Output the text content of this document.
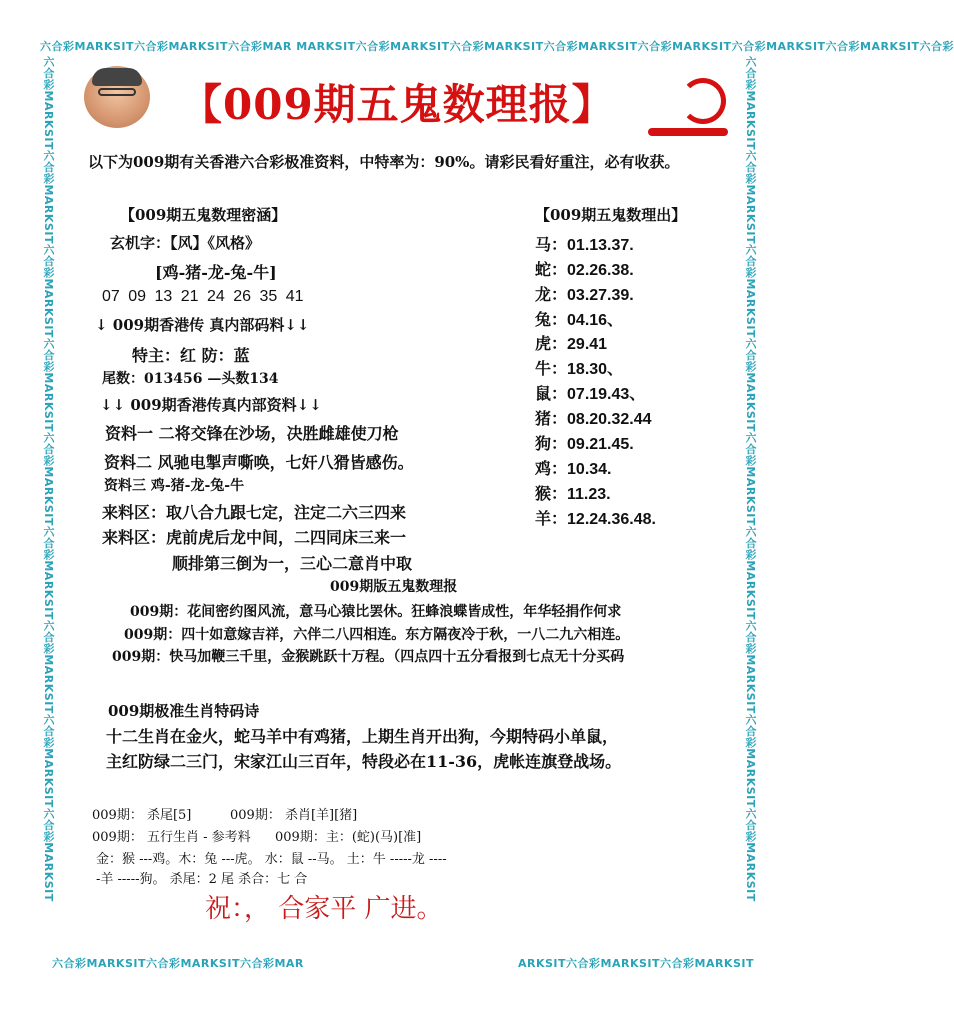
六合彩MARKSIT六合彩MARKSIT六合彩MAR MARKSIT六合彩MARKSIT六合彩MARKSIT六合彩MARKSIT六合彩MARKSIT六合彩MARKSIT六合彩MARKSIT六合彩
六合彩MARKSIT六合彩MARKSIT六合彩MAR	ARKSIT六合彩MARKSIT六合彩MARKSIT
六合彩MARKSIT六合彩MARKSIT六合彩MARKSIT六合彩MARKSIT六合彩MARKSIT六合彩MARKSIT六合彩MARKSIT六合彩MARKSIT六合彩MARKSIT	六合彩MARKSIT六合彩MARKSIT六合彩MARKSIT六合彩MARKSIT六合彩MARKSIT六合彩MARKSIT六合彩MARKSIT六合彩MARKSIT六合彩MARKSIT
【009期五鬼数理报】
以下为009期有关香港六合彩极准资料，中特率为：90%。请彩民看好重注，必有收获。
【009期五鬼数理密涵】
玄机字：【风】《风格》
[鸡-猪-龙-兔-牛]
07 09 13 21 24 26 35 41
↓ 009期香港传 真内部码料↓↓
特主：红 防：蓝
尾数：013456 —头数134
↓↓ 009期香港传真内部资料↓↓
资料一 二将交锋在沙场，决胜雌雄使刀枪
资料二 风驰电掣声嘶唤，七奸八猾皆感伤。
资料三 鸡-猪-龙-兔-牛
来料区：取八合九跟七定，注定二六三四来
来料区：虎前虎后龙中间，二四同床三来一
顺排第三倒为一，三心二意肖中取
【009期五鬼数理出】
马：01.13.37.
蛇：02.26.38.
龙：03.27.39.
兔：04.16、
虎：29.41
牛：18.30、
鼠：07.19.43、
猪：08.20.32.44
狗：09.21.45.
鸡：10.34.
猴：11.23.
羊：12.24.36.48.
009期版五鬼数理报
009期：花间密约图风流，意马心猿比罢休。狂蜂浪蝶皆成性，年华轻捐作何求
009期：四十如意嫁吉祥，六伴二八四相连。东方隔夜冷于秋，一八二九六相连。
009期：快马加鞭三千里，金猴跳跃十万程。（四点四十五分看报到七点无十分买码
009期极准生肖特码诗
十二生肖在金火，蛇马羊中有鸡猪，上期生肖开出狗，今期特码小单鼠，
主红防绿二三门，宋家江山三百年，特段必在11-36，虎帐连旗登战场。
009期： 杀尾[5]	009期： 杀肖[羊][猪]
009期： 五行生肖 - 参考料 009期：主：(蛇)(马)[准]
金：猴 ---鸡。木：兔 ---虎。 水：鼠 --马。 土：牛 -----龙 ----
-羊 -----狗。 杀尾：2 尾 杀合：七 合
祝：， 合家平 广进。
